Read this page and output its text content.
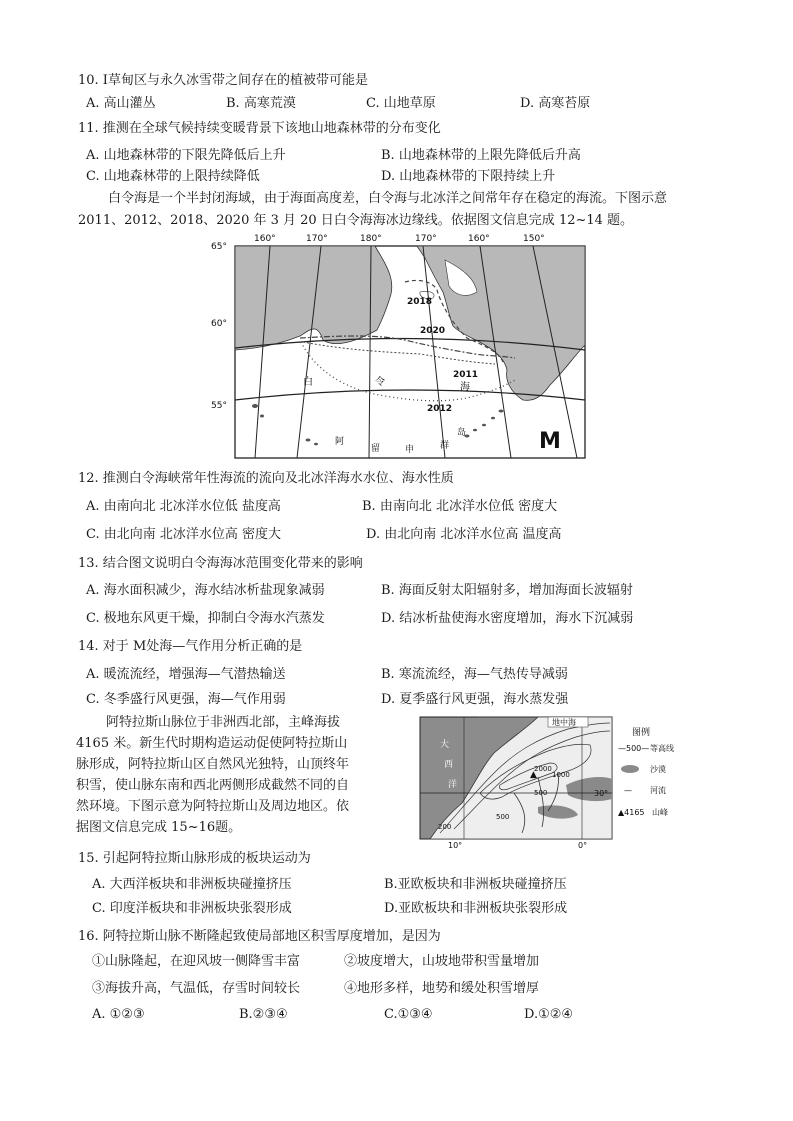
10. Ⅰ草甸区与永久冰雪带之间存在的植被带可能是
A. 高山灌丛	B. 高寒荒漠	C. 山地草原	D. 高寒苔原
11. 推测在全球气候持续变暖背景下该地山地森林带的分布变化
A. 山地森林带的下限先降低后上升	B. 山地森林带的上限先降低后升高
C. 山地森林带的上限持续降低	D. 山地森林带的下限持续上升
白令海是一个半封闭海域，由于海面高度差，白令海与北冰洋之间常年存在稳定的海流。下图示意
2011、2012、2018、2020 年 3 月 20 日白令海海冰边缘线。依据图文信息完成 12~14 题。
160°	170°	180°	170°	160°	150°
65°
60°
55°
2018
2020
2011
2012
白	令	海
阿
留	申	群
岛	M
12. 推测白令海峡常年性海流的流向及北冰洋海水水位、海水性质
A. 由南向北 北冰洋水位低 盐度高	B. 由南向北 北冰洋水位低 密度大
C. 由北向南 北冰洋水位高 密度大	D. 由北向南 北冰洋水位高 温度高
13. 结合图文说明白令海海冰范围变化带来的影响
A. 海水面积减少，海水结冰析盐现象减弱	B. 海面反射太阳辐射多，增加海面长波辐射
C. 极地东风更干燥，抑制白令海水汽蒸发	D. 结冰析盐使海水密度增加，海水下沉减弱
14. 对于 M处海—气作用分析正确的是
A. 暖流流经，增强海—气潜热输送	B. 寒流流经，海—气热传导减弱
C. 冬季盛行风更强，海—气作用弱	D. 夏季盛行风更强，海水蒸发强
阿特拉斯山脉位于非洲西北部，主峰海拔
4165 米。新生代时期构造运动促使阿特拉斯山
脉形成，阿特拉斯山区自然风光独特，山顶终年
积雪，使山脉东南和西北两侧形成截然不同的自
然环境。下图示意为阿特拉斯山及周边地区。依
据图文信息完成 15~16题。
▲
地中海
大
西
洋
2000
1000
500
200
500
30°
10°	0°
图例
—500— 等高线
沙漠
— 河流
▲4165 山峰
15. 引起阿特拉斯山脉形成的板块运动为
A. 大西洋板块和非洲板块碰撞挤压	B.亚欧板块和非洲板块碰撞挤压
C. 印度洋板块和非洲板块张裂形成	D.亚欧板块和非洲板块张裂形成
16. 阿特拉斯山脉不断隆起致使局部地区积雪厚度增加，是因为
①山脉隆起，在迎风坡一侧降雪丰富	②坡度增大，山坡地带积雪量增加
③海拔升高，气温低，存雪时间较长	④地形多样，地势和缓处积雪增厚
A. ①②③	B.②③④	C.①③④	D.①②④
